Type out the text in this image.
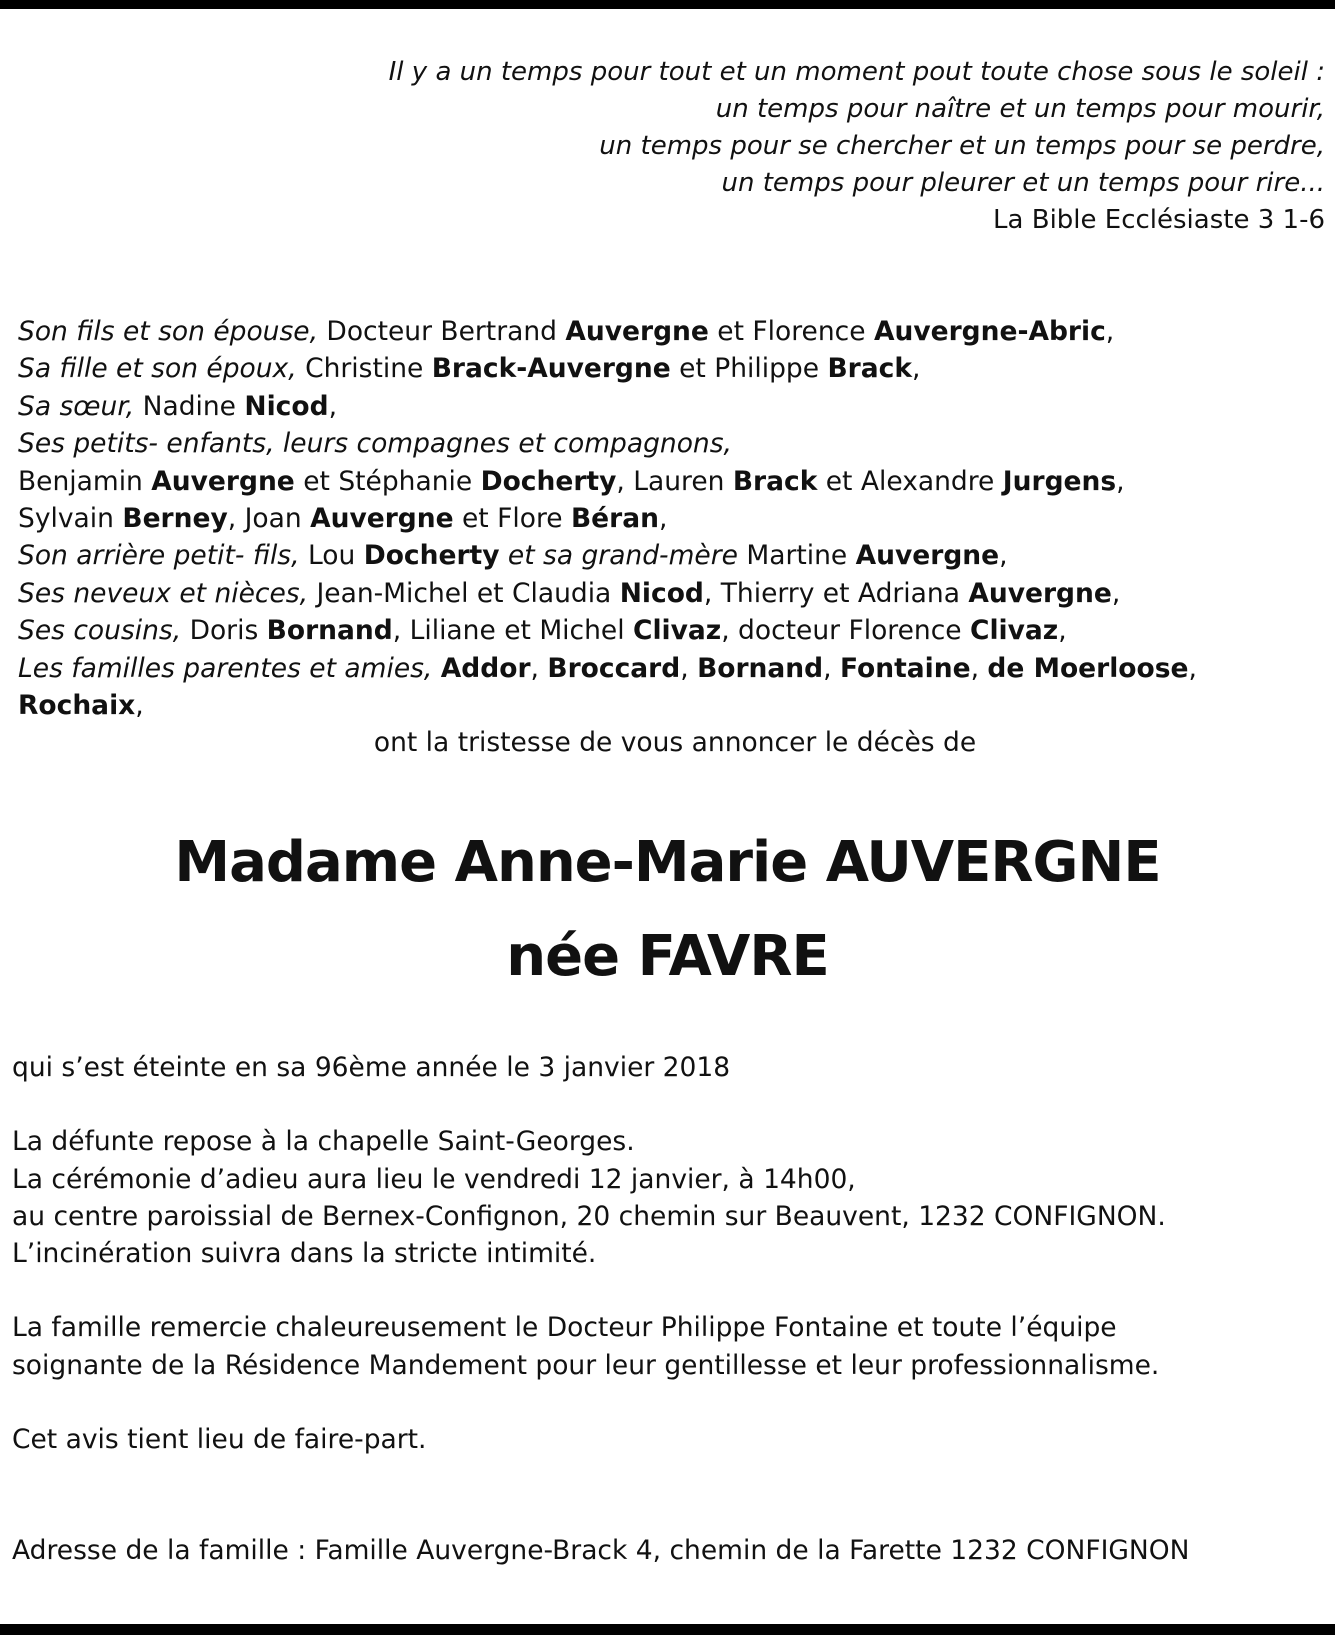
Il y a un temps pour tout et un moment pout toute chose sous le soleil :
un temps pour naître et un temps pour mourir,
un temps pour se chercher et un temps pour se perdre,
un temps pour pleurer et un temps pour rire...
La Bible Ecclésiaste 3 1-6
Son fils et son épouse, Docteur Bertrand Auvergne et Florence Auvergne-Abric,
Sa fille et son époux, Christine Brack-Auvergne et Philippe Brack,
Sa sœur, Nadine Nicod,
Ses petits- enfants, leurs compagnes et compagnons,
Benjamin Auvergne et Stéphanie Docherty, Lauren Brack et Alexandre Jurgens,
Sylvain Berney, Joan Auvergne et Flore Béran,
Son arrière petit- fils, Lou Docherty et sa grand-mère Martine Auvergne,
Ses neveux et nièces, Jean-Michel et Claudia Nicod, Thierry et Adriana Auvergne,
Ses cousins, Doris Bornand, Liliane et Michel Clivaz, docteur Florence Clivaz,
Les familles parentes et amies, Addor, Broccard, Bornand, Fontaine, de Moerloose,
Rochaix,
ont la tristesse de vous annoncer le décès de
Madame Anne-Marie AUVERGNE
née FAVRE

qui s’est éteinte en sa 96ème année le 3 janvier 2018

La défunte repose à la chapelle Saint-Georges.

La cérémonie d’adieu aura lieu le vendredi 12 janvier, à 14h00,

au centre paroissial de Bernex-Confignon, 20 chemin sur Beauvent, 1232 CONFIGNON.

L’incinération suivra dans la stricte intimité.

La famille remercie chaleureusement le Docteur Philippe Fontaine et toute l’équipe

soignante de la Résidence Mandement pour leur gentillesse et leur professionnalisme.

Cet avis tient lieu de faire-part.

Adresse de la famille : Famille Auvergne-Brack 4, chemin de la Farette 1232 CONFIGNON
